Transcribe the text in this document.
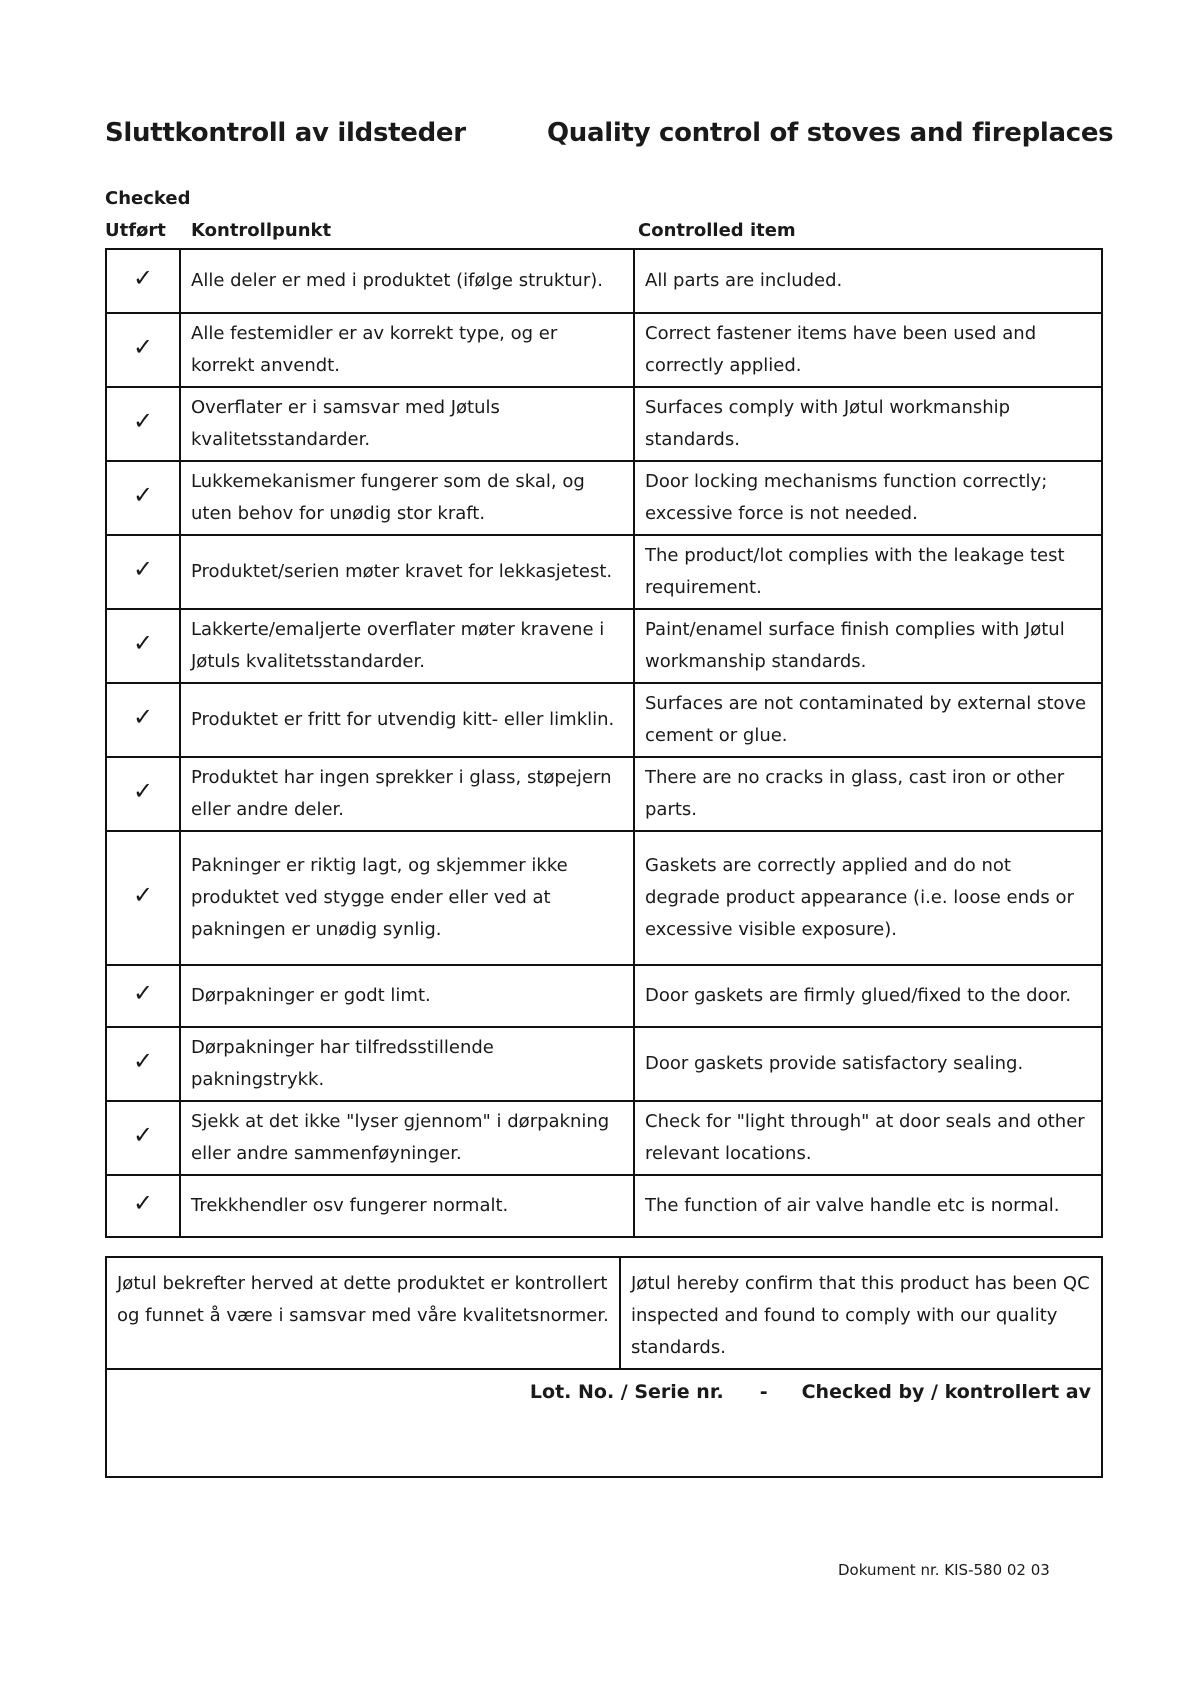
Sluttkontroll av ildsteder	Quality control of stoves and fireplaces
Checked
Utført Kontrollpunkt	Controlled item
✓	Alle deler er med i produktet (ifølge struktur).	All parts are included.
✓	Alle festemidler er av korrekt type, og er korrekt anvendt.	Correct fastener items have been used and correctly applied.
✓	Overflater er i samsvar med Jøtuls kvalitetsstandarder.	Surfaces comply with Jøtul workmanship standards.
✓	Lukkemekanismer fungerer som de skal, og uten behov for unødig stor kraft.	Door locking mechanisms function correctly; excessive force is not needed.
✓	Produktet/serien møter kravet for lekkasjetest.	The product/lot complies with the leakage test requirement.
✓	Lakkerte/emaljerte overflater møter kravene i Jøtuls kvalitetsstandarder.	Paint/enamel surface finish complies with Jøtul workmanship standards.
✓	Produktet er fritt for utvendig kitt- eller limklin.	Surfaces are not contaminated by external stove cement or glue.
✓	Produktet har ingen sprekker i glass, støpejern eller andre deler.	There are no cracks in glass, cast iron or other parts.
✓	Pakninger er riktig lagt, og skjemmer ikke produktet ved stygge ender eller ved at pakningen er unødig synlig.	Gaskets are correctly applied and do not degrade product appearance (i.e. loose ends or excessive visible exposure).
✓	Dørpakninger er godt limt.	Door gaskets are firmly glued/fixed to the door.
✓	Dørpakninger har tilfredsstillende pakningstrykk.	Door gaskets provide satisfactory sealing.
✓	Sjekk at det ikke "lyser gjennom" i dørpakning eller andre sammenføyninger.	Check for "light through" at door seals and other relevant locations.
✓	Trekkhendler osv fungerer normalt.	The function of air valve handle etc is normal.
Jøtul bekrefter herved at dette produktet er kontrollert og funnet å være i samsvar med våre kvalitetsnormer.	Jøtul hereby confirm that this product has been QC inspected and found to comply with our quality standards.
Lot. No. / Serie nr. - Checked by / kontrollert av
Dokument nr. KIS-580 02 03
